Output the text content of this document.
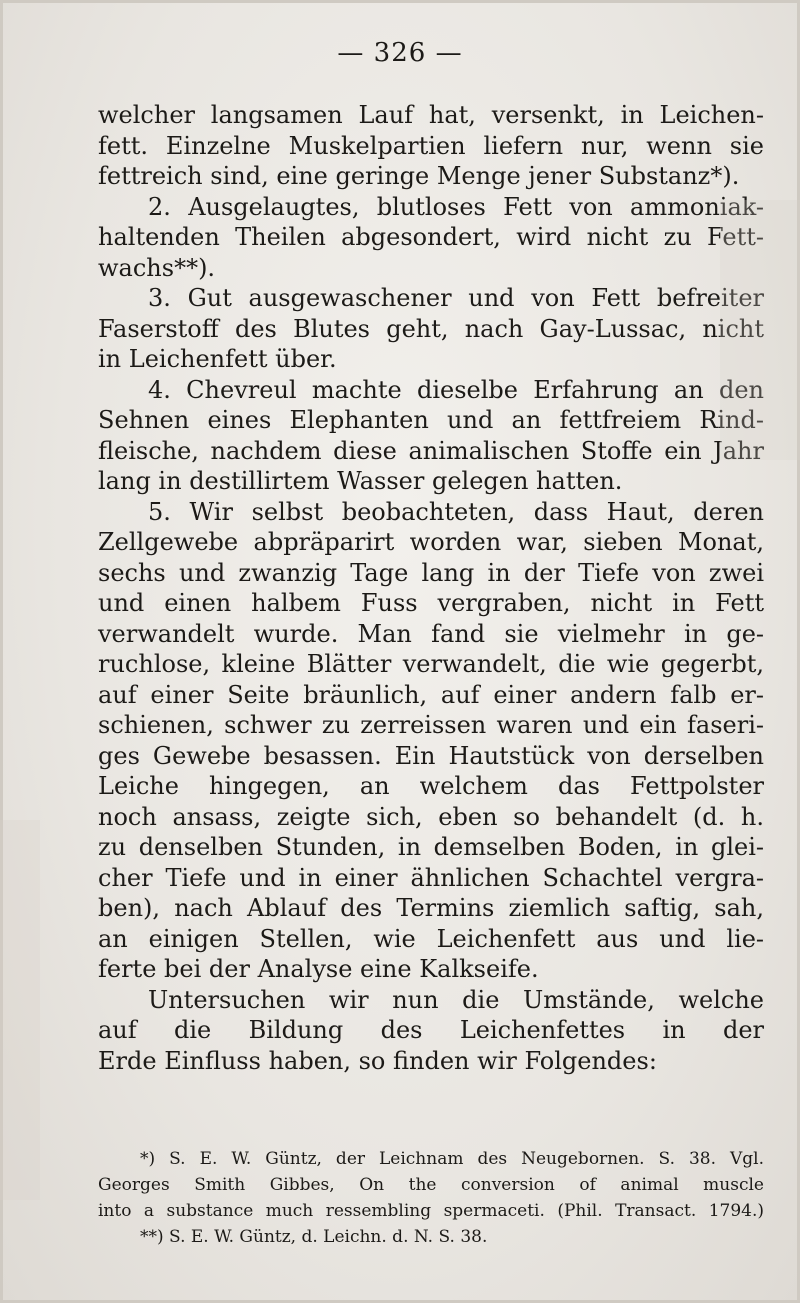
— 326 —
welcher langsamen Lauf hat, versenkt, in Leichen-
fett. Einzelne Muskelpartien liefern nur, wenn sie
fettreich sind, eine geringe Menge jener Substanz*).
2. Ausgelaugtes, blutloses Fett von ammoniak-
haltenden Theilen abgesondert, wird nicht zu Fett-
wachs**).
3. Gut ausgewaschener und von Fett befreiter
Faserstoff des Blutes geht, nach Gay-Lussac, nicht
in Leichenfett über.
4. Chevreul machte dieselbe Erfahrung an den
Sehnen eines Elephanten und an fettfreiem Rind-
fleische, nachdem diese animalischen Stoffe ein Jahr
lang in destillirtem Wasser gelegen hatten.
5. Wir selbst beobachteten, dass Haut, deren
Zellgewebe abpräparirt worden war, sieben Monat,
sechs und zwanzig Tage lang in der Tiefe von zwei
und einen halbem Fuss vergraben, nicht in Fett
verwandelt wurde. Man fand sie vielmehr in ge-
ruchlose, kleine Blätter verwandelt, die wie gegerbt,
auf einer Seite bräunlich, auf einer andern falb er-
schienen, schwer zu zerreissen waren und ein faseri-
ges Gewebe besassen. Ein Hautstück von derselben
Leiche hingegen, an welchem das Fettpolster
noch ansass, zeigte sich, eben so behandelt (d. h.
zu denselben Stunden, in demselben Boden, in glei-
cher Tiefe und in einer ähnlichen Schachtel vergra-
ben), nach Ablauf des Termins ziemlich saftig, sah,
an einigen Stellen, wie Leichenfett aus und lie-
ferte bei der Analyse eine Kalkseife.
Untersuchen wir nun die Umstände, welche
auf die Bildung des Leichenfettes in der
Erde Einfluss haben, so finden wir Folgendes:
*) S. E. W. Güntz, der Leichnam des Neugebornen. S. 38. Vgl.
Georges Smith Gibbes, On the conversion of animal muscle
into a substance much ressembling spermaceti. (Phil. Transact. 1794.)
**) S. E. W. Güntz, d. Leichn. d. N. S. 38.
